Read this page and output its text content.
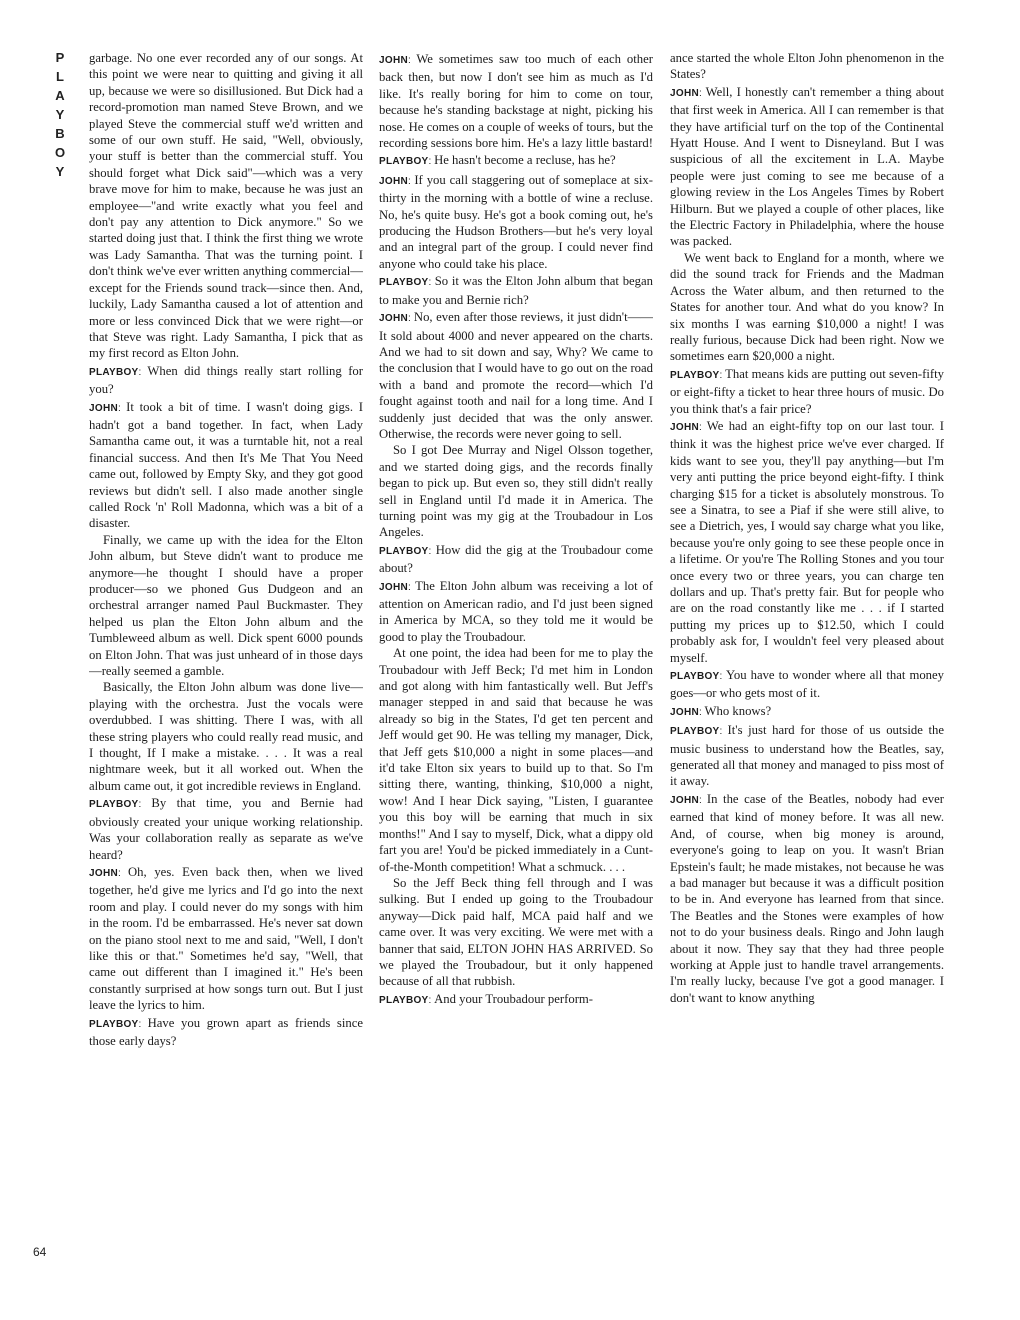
P
L
A
Y
B
O
Y

garbage. No one ever recorded any of our songs. At this point we were near to quitting and giving it all up, because we were so disillusioned. But Dick had a record-promotion man named Steve Brown, and we played Steve the commercial stuff we'd written and some of our own stuff. He said, "Well, obviously, your stuff is better than the commercial stuff. You should forget what Dick said"—which was a very brave move for him to make, because he was just an employee—"and write exactly what you feel and don't pay any attention to Dick anymore." So we started doing just that. I think the first thing we wrote was Lady Samantha. That was the turning point. I don't think we've ever written anything commercial—except for the Friends sound track—since then. And, luckily, Lady Samantha caused a lot of attention and more or less convinced Dick that we were right—or that Steve was right. Lady Samantha, I pick that as my first record as Elton John.

PLAYBOY: When did things really start rolling for you?

JOHN: It took a bit of time. I wasn't doing gigs. I hadn't got a band together. In fact, when Lady Samantha came out, it was a turntable hit, not a real financial success. And then It's Me That You Need came out, followed by Empty Sky, and they got good reviews but didn't sell. I also made another single called Rock 'n' Roll Madonna, which was a bit of a disaster.

Finally, we came up with the idea for the Elton John album, but Steve didn't want to produce me anymore—he thought I should have a proper producer—so we phoned Gus Dudgeon and an orchestral arranger named Paul Buckmaster. They helped us plan the Elton John album and the Tumbleweed album as well. Dick spent 6000 pounds on Elton John. That was just unheard of in those days—really seemed a gamble.

Basically, the Elton John album was done live—playing with the orchestra. Just the vocals were overdubbed. I was shitting. There I was, with all these string players who could really read music, and I thought, If I make a mistake. . . . It was a real nightmare week, but it all worked out. When the album came out, it got incredible reviews in England.

PLAYBOY: By that time, you and Bernie had obviously created your unique working relationship. Was your collaboration really as separate as we've heard?

JOHN: Oh, yes. Even back then, when we lived together, he'd give me lyrics and I'd go into the next room and play. I could never do my songs with him in the room. I'd be embarrassed. He's never sat down on the piano stool next to me and said, "Well, I don't like this or that." Sometimes he'd say, "Well, that came out different than I imagined it." He's been constantly surprised at how songs turn out. But I just leave the lyrics to him.

PLAYBOY: Have you grown apart as friends since those early days?

JOHN: We sometimes saw too much of each other back then, but now I don't see him as much as I'd like. It's really boring for him to come on tour, because he's standing backstage at night, picking his nose. He comes on a couple of weeks of tours, but the recording sessions bore him. He's a lazy little bastard!

PLAYBOY: He hasn't become a recluse, has he?

JOHN: If you call staggering out of someplace at six-thirty in the morning with a bottle of wine a recluse. No, he's quite busy. He's got a book coming out, he's producing the Hudson Brothers—but he's very loyal and an integral part of the group. I could never find anyone who could take his place.

PLAYBOY: So it was the Elton John album that began to make you and Bernie rich?

JOHN: No, even after those reviews, it just didn't—— It sold about 4000 and never appeared on the charts. And we had to sit down and say, Why? We came to the conclusion that I would have to go out on the road with a band and promote the record—which I'd fought against tooth and nail for a long time. And I suddenly just decided that was the only answer. Otherwise, the records were never going to sell.

So I got Dee Murray and Nigel Olsson together, and we started doing gigs, and the records finally began to pick up. But even so, they still didn't really sell in England until I'd made it in America. The turning point was my gig at the Troubadour in Los Angeles.

PLAYBOY: How did the gig at the Troubadour come about?

JOHN: The Elton John album was receiving a lot of attention on American radio, and I'd just been signed in America by MCA, so they told me it would be good to play the Troubadour.

At one point, the idea had been for me to play the Troubadour with Jeff Beck; I'd met him in London and got along with him fantastically well. But Jeff's manager stepped in and said that because he was already so big in the States, I'd get ten percent and Jeff would get 90. He was telling my manager, Dick, that Jeff gets $10,000 a night in some places—and it'd take Elton six years to build up to that. So I'm sitting there, wanting, thinking, $10,000 a night, wow! And I hear Dick saying, "Listen, I guarantee you this boy will be earning that much in six months!" And I say to myself, Dick, what a dippy old fart you are! You'd be picked immediately in a Cunt-of-the-Month competition! What a schmuck. . . .

So the Jeff Beck thing fell through and I was sulking. But I ended up going to the Troubadour anyway—Dick paid half, MCA paid half and we came over. It was very exciting. We were met with a banner that said, ELTON JOHN HAS ARRIVED. So we played the Troubadour, but it only happened because of all that rubbish.

PLAYBOY: And your Troubadour perform-

ance started the whole Elton John phenomenon in the States?

JOHN: Well, I honestly can't remember a thing about that first week in America. All I can remember is that they have artificial turf on the top of the Continental Hyatt House. And I went to Disneyland. But I was suspicious of all the excitement in L.A. Maybe people were just coming to see me because of a glowing review in the Los Angeles Times by Robert Hilburn. But we played a couple of other places, like the Electric Factory in Philadelphia, where the house was packed.

We went back to England for a month, where we did the sound track for Friends and the Madman Across the Water album, and then returned to the States for another tour. And what do you know? In six months I was earning $10,000 a night! I was really furious, because Dick had been right. Now we sometimes earn $20,000 a night.

PLAYBOY: That means kids are putting out seven-fifty or eight-fifty a ticket to hear three hours of music. Do you think that's a fair price?

JOHN: We had an eight-fifty top on our last tour. I think it was the highest price we've ever charged. If kids want to see you, they'll pay anything—but I'm very anti putting the price beyond eight-fifty. I think charging $15 for a ticket is absolutely monstrous. To see a Sinatra, to see a Piaf if she were still alive, to see a Dietrich, yes, I would say charge what you like, because you're only going to see these people once in a lifetime. Or you're The Rolling Stones and you tour once every two or three years, you can charge ten dollars and up. That's pretty fair. But for people who are on the road constantly like me . . . if I started putting my prices up to $12.50, which I could probably ask for, I wouldn't feel very pleased about myself.

PLAYBOY: You have to wonder where all that money goes—or who gets most of it.

JOHN: Who knows?

PLAYBOY: It's just hard for those of us outside the music business to understand how the Beatles, say, generated all that money and managed to piss most of it away.

JOHN: In the case of the Beatles, nobody had ever earned that kind of money before. It was all new. And, of course, when big money is around, everyone's going to leap on you. It wasn't Brian Epstein's fault; he made mistakes, not because he was a bad manager but because it was a difficult position to be in. And everyone has learned from that since. The Beatles and the Stones were examples of how not to do your business deals. Ringo and John laugh about it now. They say that they had three people working at Apple just to handle travel arrangements. I'm really lucky, because I've got a good manager. I don't want to know anything

64
